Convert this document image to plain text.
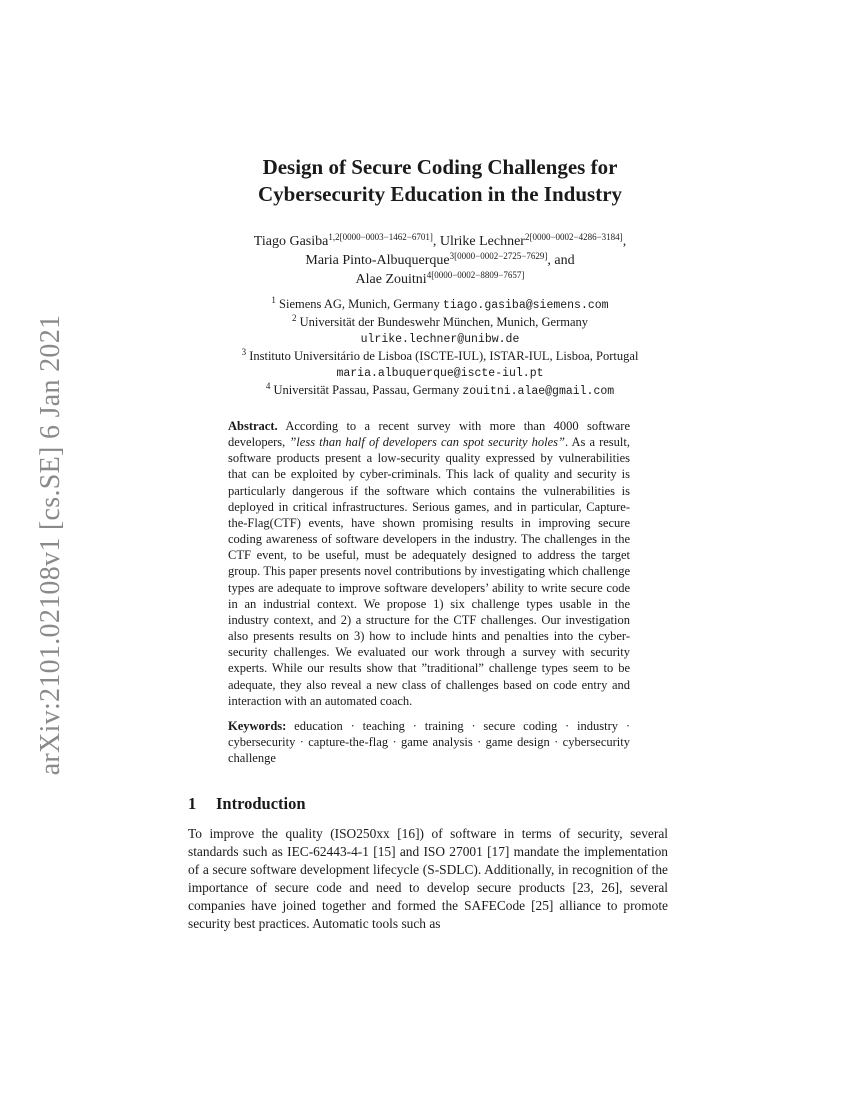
arXiv:2101.02108v1 [cs.SE] 6 Jan 2021
Design of Secure Coding Challenges for
Cybersecurity Education in the Industry
Tiago Gasiba$^{1,2[0000-0003-1462-6701]}$, Ulrike Lechner$^{2[0000-0002-4286-3184]}$,
Maria Pinto-Albuquerque$^{3[0000-0002-2725-7629]}$, and
Alae Zouitni$^{4[0000-0002-8809-7657]}$
$^1$ Siemens AG, Munich, Germany tiago.gasiba@siemens.com
$^2$ Universität der Bundeswehr München, Munich, Germany
ulrike.lechner@unibw.de
$^3$ Instituto Universitário de Lisboa (ISCTE-IUL), ISTAR-IUL, Lisboa, Portugal
maria.albuquerque@iscte-iul.pt
$^4$ Universität Passau, Passau, Germany zouitni.alae@gmail.com

Abstract. According to a recent survey with more than 4000 software developers, ”less than half of developers can spot security holes”. As a result, software products present a low-security quality expressed by vulnerabilities that can be exploited by cyber-criminals. This lack of quality and security is particularly dangerous if the software which contains the vulnerabilities is deployed in critical infrastructures. Serious games, and in particular, Capture-the-Flag(CTF) events, have shown promising results in improving secure coding awareness of software developers in the industry. The challenges in the CTF event, to be useful, must be adequately designed to address the target group. This paper presents novel contributions by investigating which challenge types are adequate to improve software developers’ ability to write secure code in an industrial context. We propose 1) six challenge types usable in the industry context, and 2) a structure for the CTF challenges. Our investigation also presents results on 3) how to include hints and penalties into the cyber-security challenges. We evaluated our work through a survey with security experts. While our results show that ”traditional” challenge types seem to be adequate, they also reveal a new class of challenges based on code entry and interaction with an automated coach.

Keywords: education · teaching · training · secure coding · industry · cybersecurity · capture-the-flag · game analysis · game design · cybersecurity challenge

1 Introduction

To improve the quality (ISO250xx [16]) of software in terms of security, several standards such as IEC-62443-4-1 [15] and ISO 27001 [17] mandate the implementation of a secure software development lifecycle (S-SDLC). Additionally, in recognition of the importance of secure code and need to develop secure products [23, 26], several companies have joined together and formed the SAFECode [25] alliance to promote security best practices. Automatic tools such as
